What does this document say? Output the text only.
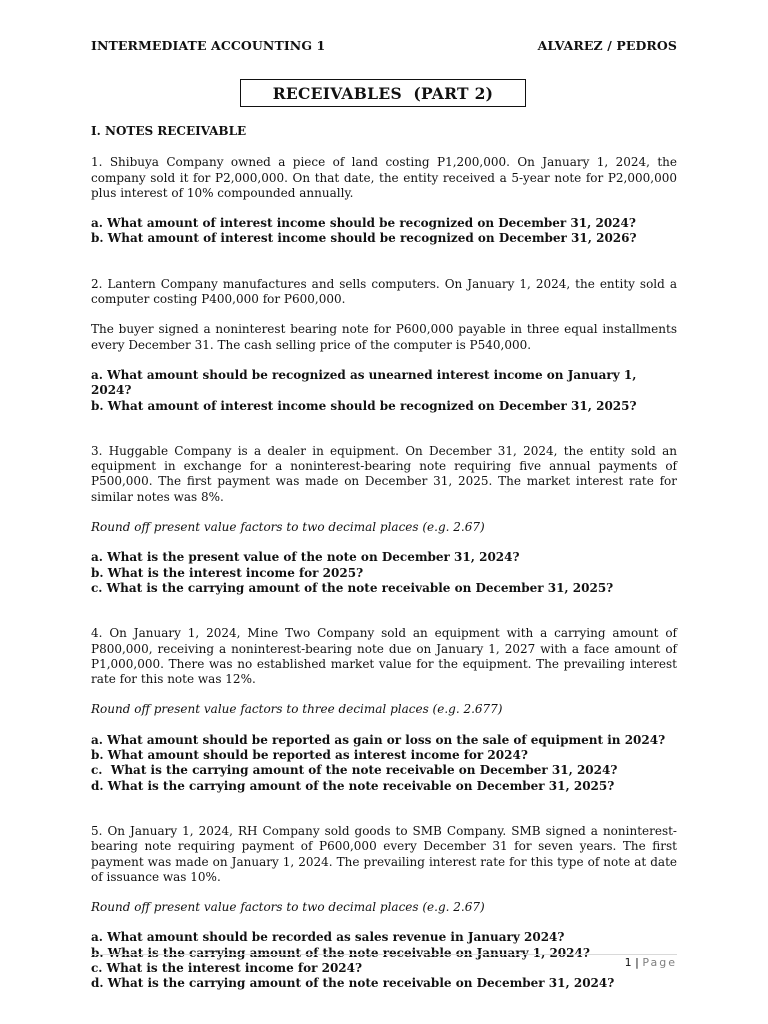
INTERMEDIATE ACCOUNTING 1	ALVAREZ / PEDROS
RECEIVABLES  (PART 2)

I. NOTES RECEIVABLE

1. Shibuya Company owned a piece of land costing P1,200,000. On January 1, 2024, the company sold it for P2,000,000. On that date, the entity received a 5-year note for P2,000,000 plus interest of 10% compounded annually.

a. What amount of interest income should be recognized on December 31, 2024?

b. What amount of interest income should be recognized on December 31, 2026?

2. Lantern Company manufactures and sells computers. On January 1, 2024, the entity sold a computer costing P400,000 for P600,000.

The buyer signed a noninterest bearing note for P600,000 payable in three equal installments every December 31. The cash selling price of the computer is P540,000.

a. What amount should be recognized as unearned interest income on January 1, 2024?

b. What amount of interest income should be recognized on December 31, 2025?

3. Huggable Company is a dealer in equipment. On December 31, 2024, the entity sold an equipment in exchange for a noninterest-bearing note requiring five annual payments of P500,000. The first payment was made on December 31, 2025. The market interest rate for similar notes was 8%.

Round off present value factors to two decimal places (e.g. 2.67)

a. What is the present value of the note on December 31, 2024?

b. What is the interest income for 2025?

c. What is the carrying amount of the note receivable on December 31, 2025?

4. On January 1, 2024, Mine Two Company sold an equipment with a carrying amount of P800,000, receiving a noninterest-bearing note due on January 1, 2027 with a face amount of P1,000,000. There was no established market value for the equipment. The prevailing interest rate for this note was 12%.

Round off present value factors to three decimal places (e.g. 2.677)

a. What amount should be reported as gain or loss on the sale of equipment in 2024?

b. What amount should be reported as interest income for 2024?

c.  What is the carrying amount of the note receivable on December 31, 2024?

d. What is the carrying amount of the note receivable on December 31, 2025?

5. On January 1, 2024, RH Company sold goods to SMB Company. SMB signed a noninterest-bearing note requiring payment of P600,000 every December 31 for seven years. The first payment was made on January 1, 2024. The prevailing interest rate for this type of note at date of issuance was 10%.

Round off present value factors to two decimal places (e.g. 2.67)

a. What amount should be recorded as sales revenue in January 2024?

b. What is the carrying amount of the note receivable on January 1, 2024?

c. What is the interest income for 2024?

d. What is the carrying amount of the note receivable on December 31, 2024?

1 | Page
